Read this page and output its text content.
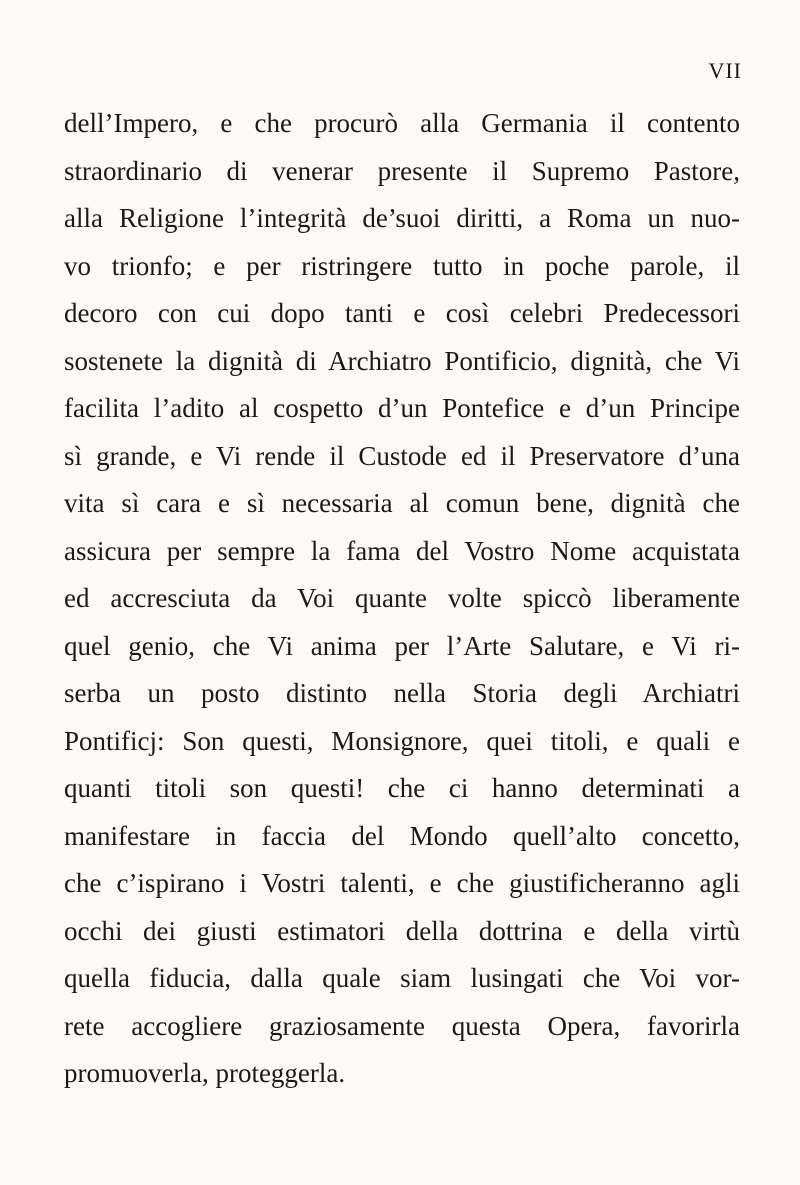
VII
dell’Impero, e che procurò alla Germania il contento
straordinario di venerar presente il Supremo Pastore,
alla Religione l’integrità de’suoi diritti, a Roma un nuo-
vo trionfo; e per ristringere tutto in poche parole, il
decoro con cui dopo tanti e così celebri Predecessori
sostenete la dignità di Archiatro Pontificio, dignità, che Vi
facilita l’adito al cospetto d’un Pontefice e d’un Principe
sì grande, e Vi rende il Custode ed il Preservatore d’una
vita sì cara e sì necessaria al comun bene, dignità che
assicura per sempre la fama del Vostro Nome acquistata
ed accresciuta da Voi quante volte spiccò liberamente
quel genio, che Vi anima per l’Arte Salutare, e Vi ri-
serba un posto distinto nella Storia degli Archiatri
Pontificj: Son questi, Monsignore, quei titoli, e quali e
quanti titoli son questi! che ci hanno determinati a
manifestare in faccia del Mondo quell’alto concetto,
che c’ispirano i Vostri talenti, e che giustificheranno agli
occhi dei giusti estimatori della dottrina e della virtù
quella fiducia, dalla quale siam lusingati che Voi vor-
rete accogliere graziosamente questa Opera, favorirla
promuoverla, proteggerla.
